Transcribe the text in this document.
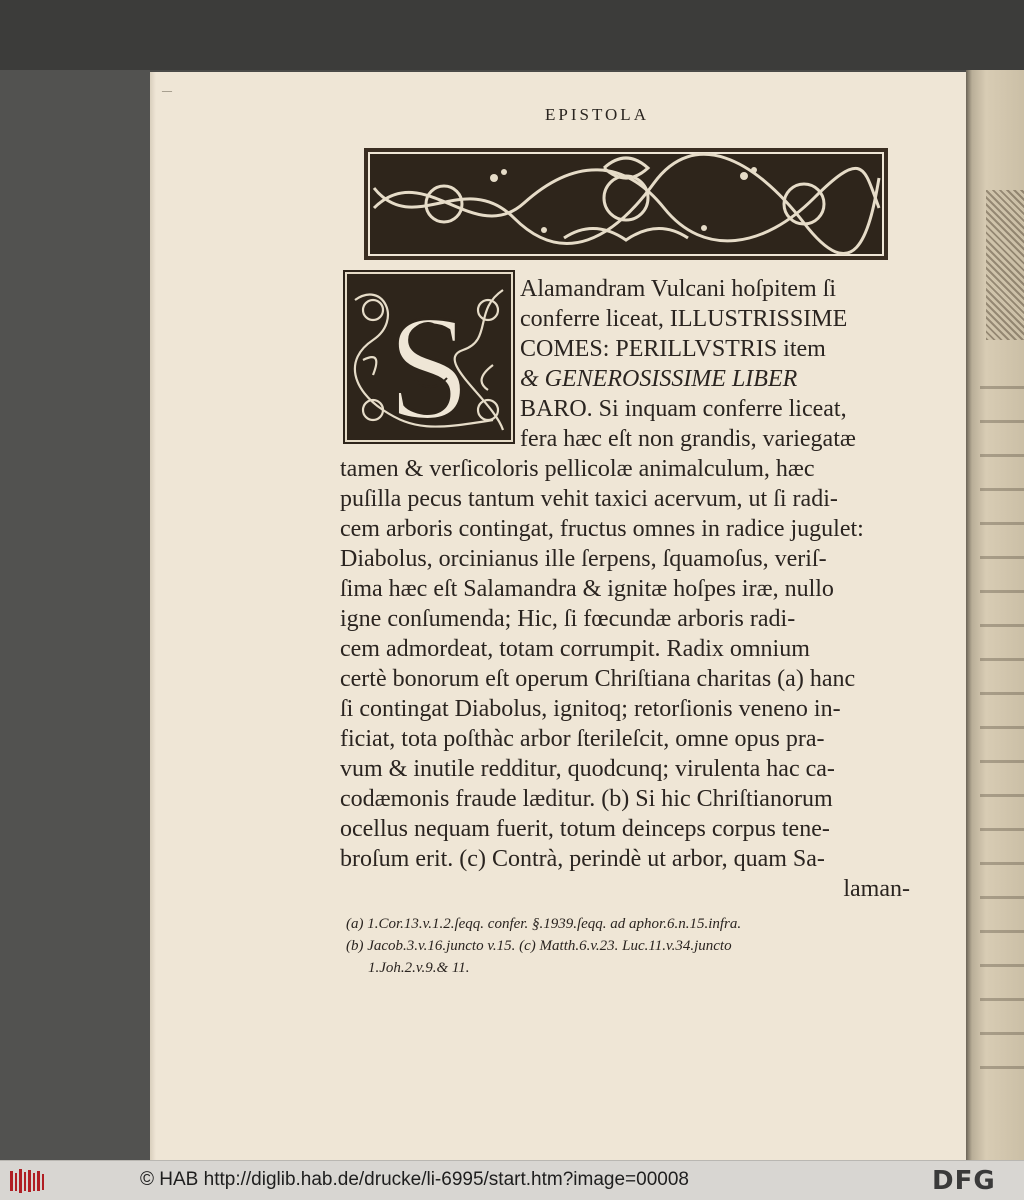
—
EPISTOLA
S Alamandram Vulcani hoſpitem ſi
conferre liceat, ILLUSTRISSIME
COMES: PERILLVSTRIS item
& GENEROSISSIME LIBER
BARO. Si inquam conferre liceat,
fera hæc eſt non grandis, variegatæ
tamen & verſicoloris pellicolæ animalculum, hæc
puſilla pecus tantum vehit taxici acervum, ut ſi radi-
cem arboris contingat, fructus omnes in radice jugulet:
Diabolus, orcinianus ille ſerpens, ſquamoſus, veriſ-
ſima hæc eſt Salamandra & ignitæ hoſpes iræ, nullo
igne conſumenda; Hic, ſi fœcundæ arboris radi-
cem admordeat, totam corrumpit. Radix omnium
certè bonorum eſt operum Chriſtiana charitas (a) hanc
ſi contingat Diabolus, ignitoq; retorſionis veneno in-
ficiat, tota poſthàc arbor ſterileſcit, omne opus pra-
vum & inutile redditur, quodcunq; virulenta hac ca-
codæmonis fraude læditur. (b) Si hic Chriſtianorum
ocellus nequam fuerit, totum deinceps corpus tene-
broſum erit. (c) Contrà, perindè ut arbor, quam Sa-
laman-
(a) 1.Cor.13.v.1.2.ſeqq. confer. §.1939.ſeqq. ad aphor.6.n.15.infra.
(b) Jacob.3.v.16.juncto v.15. (c) Matth.6.v.23. Luc.11.v.34.juncto
1.Joh.2.v.9.& 11.
© HAB http://diglib.hab.de/drucke/li-6995/start.htm?image=00008	DFG
